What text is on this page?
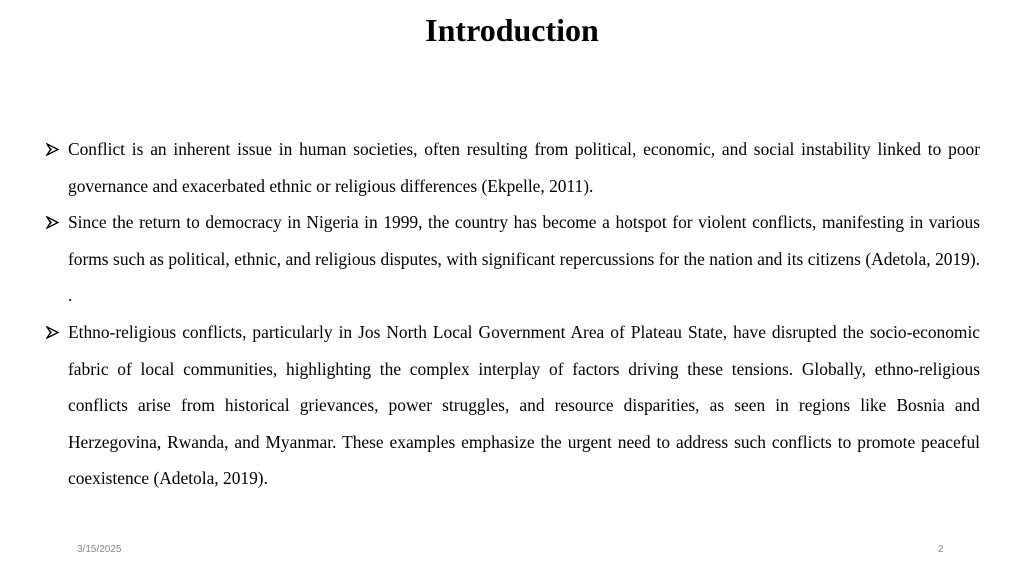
Introduction
Conflict is an inherent issue in human societies, often resulting from political, economic, and social instability linked to poor governance and exacerbated ethnic or religious differences (Ekpelle, 2011).
Since the return to democracy in Nigeria in 1999, the country has become a hotspot for violent conflicts, manifesting in various forms such as political, ethnic, and religious disputes, with significant repercussions for the nation and its citizens (Adetola, 2019). .
Ethno-religious conflicts, particularly in Jos North Local Government Area of Plateau State, have disrupted the socio-economic fabric of local communities, highlighting the complex interplay of factors driving these tensions. Globally, ethno-religious conflicts arise from historical grievances, power struggles, and resource disparities, as seen in regions like Bosnia and Herzegovina, Rwanda, and Myanmar. These examples emphasize the urgent need to address such conflicts to promote peaceful coexistence (Adetola, 2019).
3/15/2025	2
